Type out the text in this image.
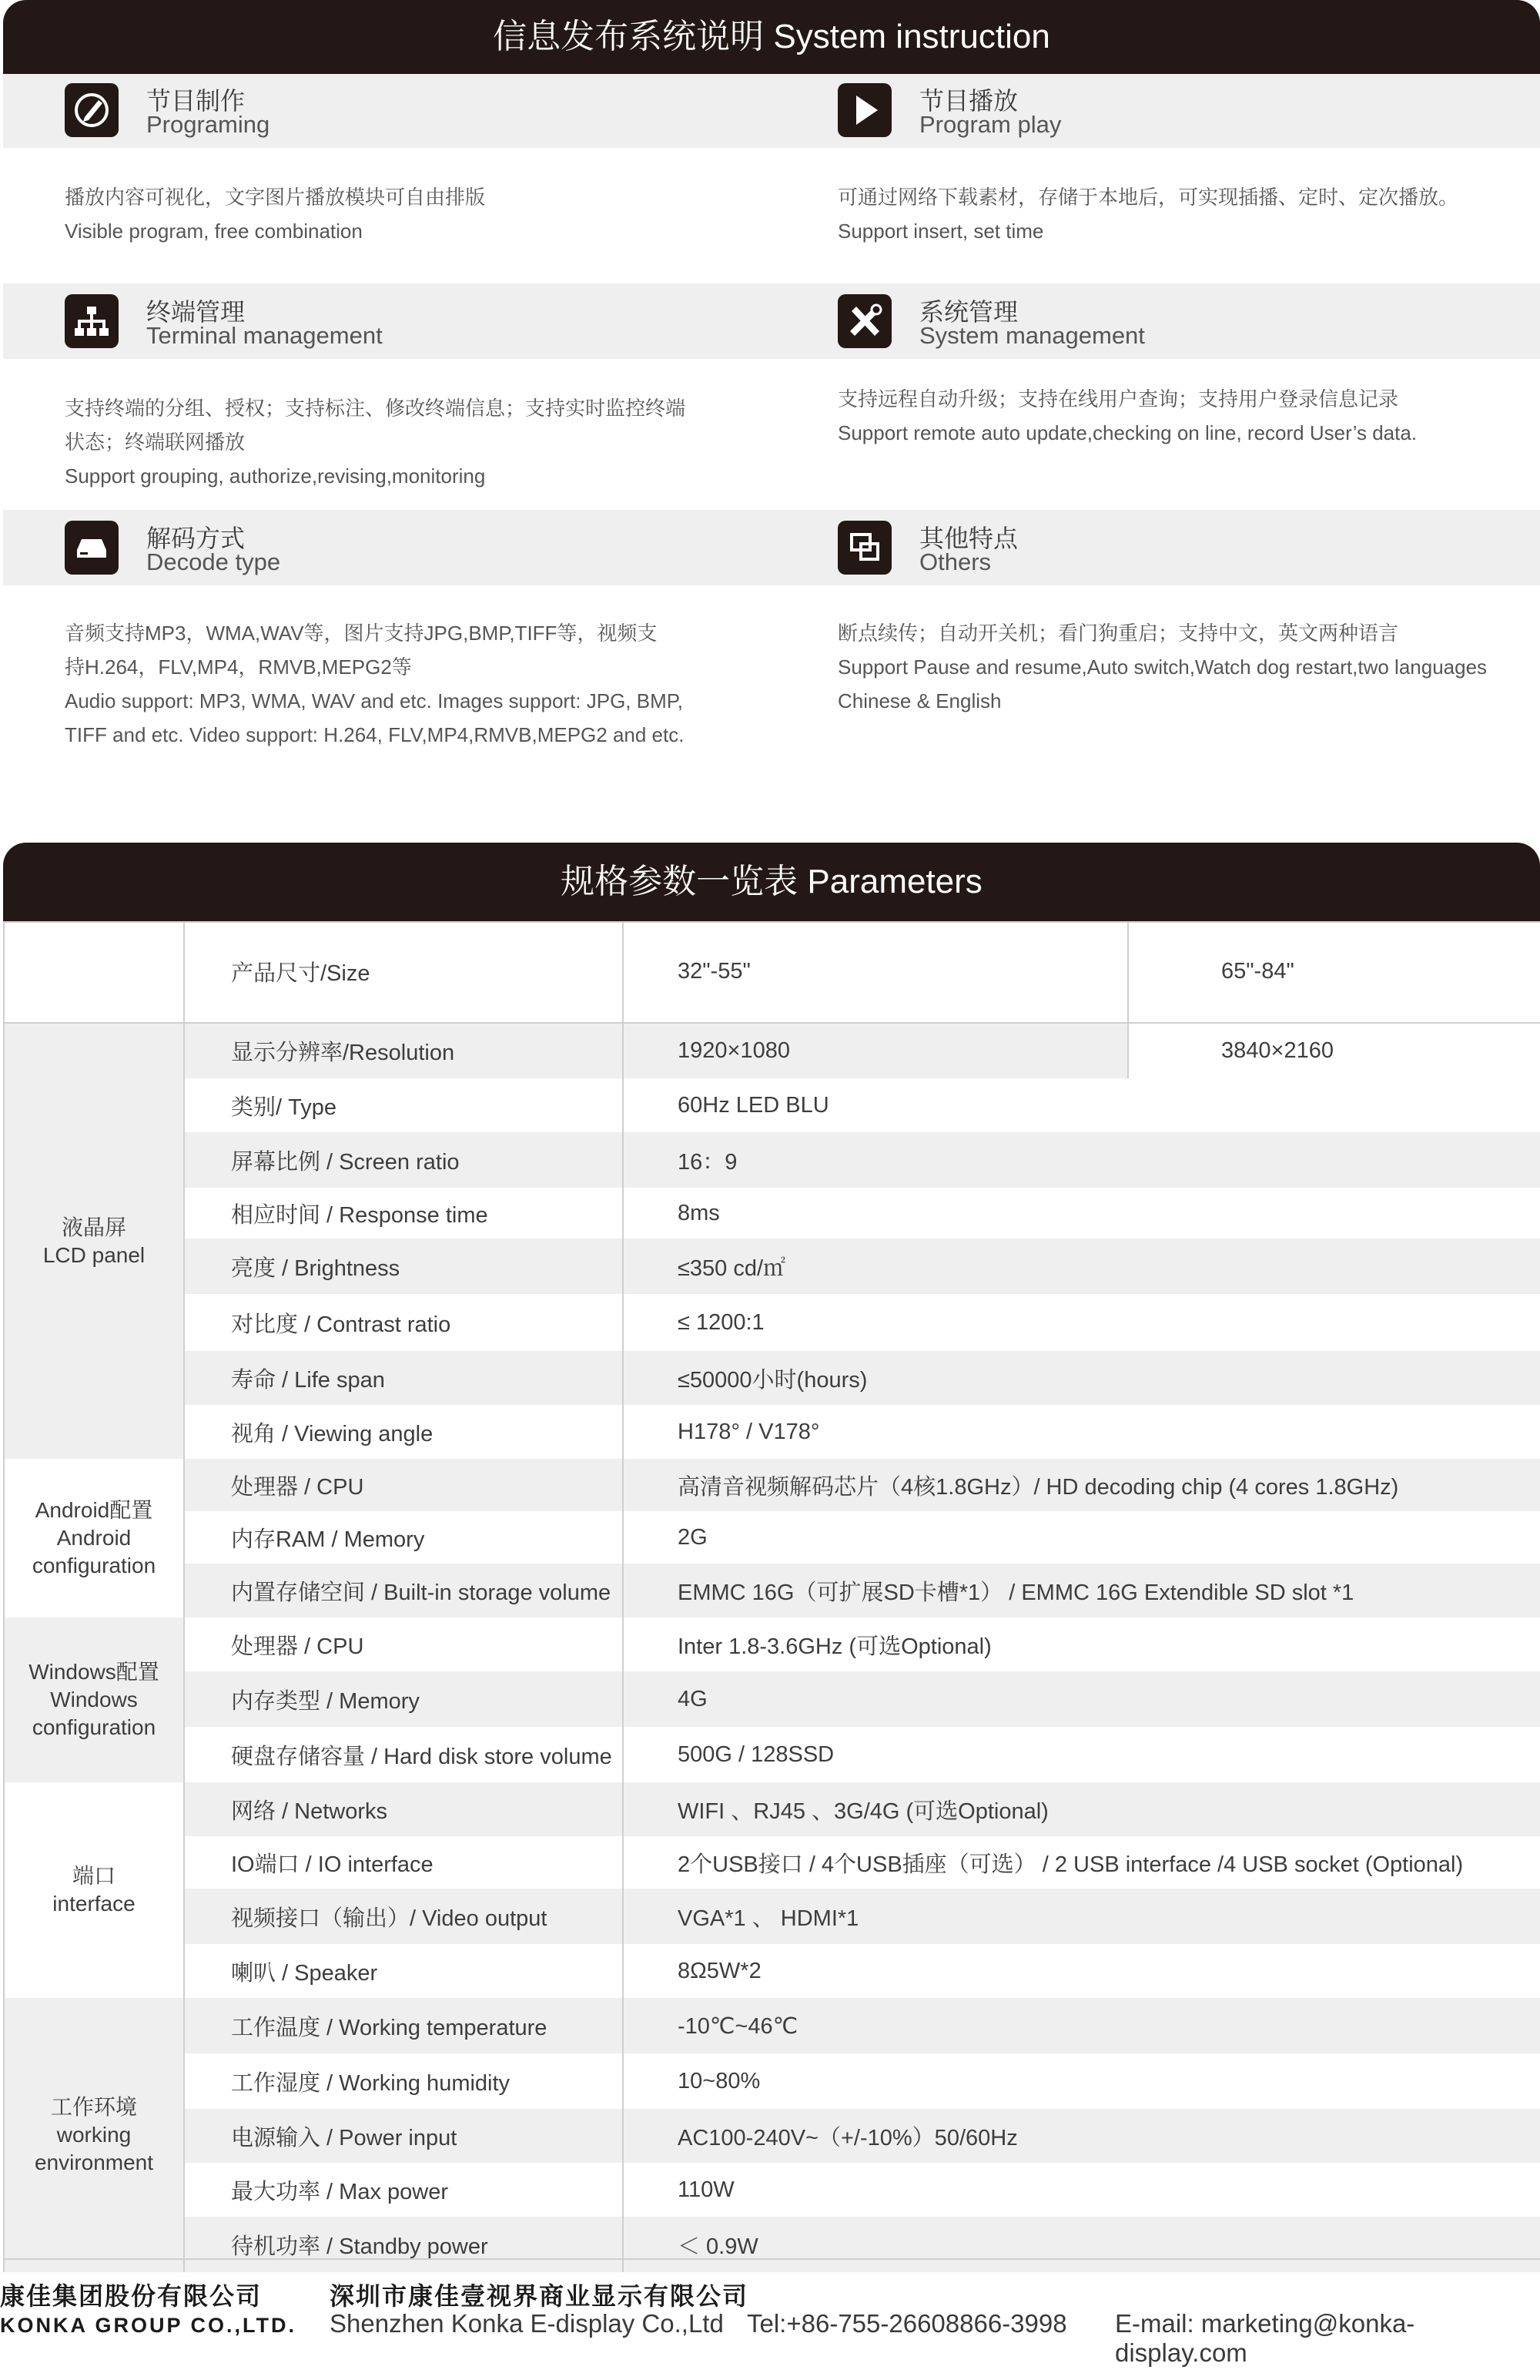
信息发布系统说明 System instruction
节目制作
Programing
播放内容可视化，文字图片播放模块可自由排版
Visible program, free combination
节目播放
Program play
可通过网络下载素材，存储于本地后，可实现插播、定时、定次播放。
Support insert, set time
终端管理
Terminal management
支持终端的分组、授权；支持标注、修改终端信息；支持实时监控终端
状态；终端联网播放
Support grouping, authorize,revising,monitoring
系统管理
System management
支持远程自动升级；支持在线用户查询；支持用户登录信息记录
Support remote auto update,checking on line, record User’s data.
解码方式
Decode type
音频支持MP3，WMA,WAV等，图片支持JPG,BMP,TIFF等，视频支
持H.264，FLV,MP4，RMVB,MEPG2等
Audio support: MP3, WMA, WAV and etc. Images support: JPG, BMP,
TIFF and etc. Video support: H.264, FLV,MP4,RMVB,MEPG2 and etc.
其他特点
Others
断点续传；自动开关机；看门狗重启；支持中文，英文两种语言
Support Pause and resume,Auto switch,Watch dog restart,two languages
Chinese & English
规格参数一览表 Parameters
	产品尺寸/Size	32"-55"	65"-84"

液晶屏
LCD panel	显示分辨率/Resolution	1920×1080	3840×2160
	类别/ Type	60Hz LED BLU	
	屏幕比例 / Screen ratio	16：9	
	相应时间 / Response time	8ms	
	亮度 / Brightness	≤350 cd/㎡	
	对比度 / Contrast ratio	≤ 1200:1	
	寿命 / Life span	≤50000小时(hours)	
	视角 / Viewing angle	H178° / V178°	

Android配置
Android
configuration	处理器 / CPU	高清音视频解码芯片（4核1.8GHz）/ HD decoding chip (4 cores 1.8GHz)	
	内存RAM / Memory	2G	
	内置存储空间 / Built-in storage volume	EMMC 16G（可扩展SD卡槽*1） / EMMC 16G Extendible SD slot *1	

Windows配置
Windows
configuration	处理器 / CPU	Inter 1.8-3.6GHz (可选Optional)	
	内存类型 / Memory	4G	
	硬盘存储容量 / Hard disk store volume	500G / 128SSD	

端口
interface	网络 / Networks	WIFI 、RJ45 、3G/4G (可选Optional)	
	IO端口 / IO interface	2个USB接口 / 4个USB插座（可选） / 2 USB interface /4 USB socket (Optional)	
	视频接口（输出）/ Video output	VGA*1 、 HDMI*1	
	喇叭 / Speaker	8Ω5W*2	

工作环境
working
environment	工作温度 / Working temperature	-10℃~46℃	
	工作湿度 / Working humidity	10~80%	
	电源输入 / Power input	AC100-240V~（+/-10%）50/60Hz	
	最大功率 / Max power	110W	
	待机功率 / Standby power	＜ 0.9W	
康佳集团股份有限公司
KONKA GROUP CO.,LTD.
深圳市康佳壹视界商业显示有限公司
Shenzhen Konka E-display Co.,Ltd Tel:+86-755-26608866-3998 E-mail: marketing@konka-display.com
